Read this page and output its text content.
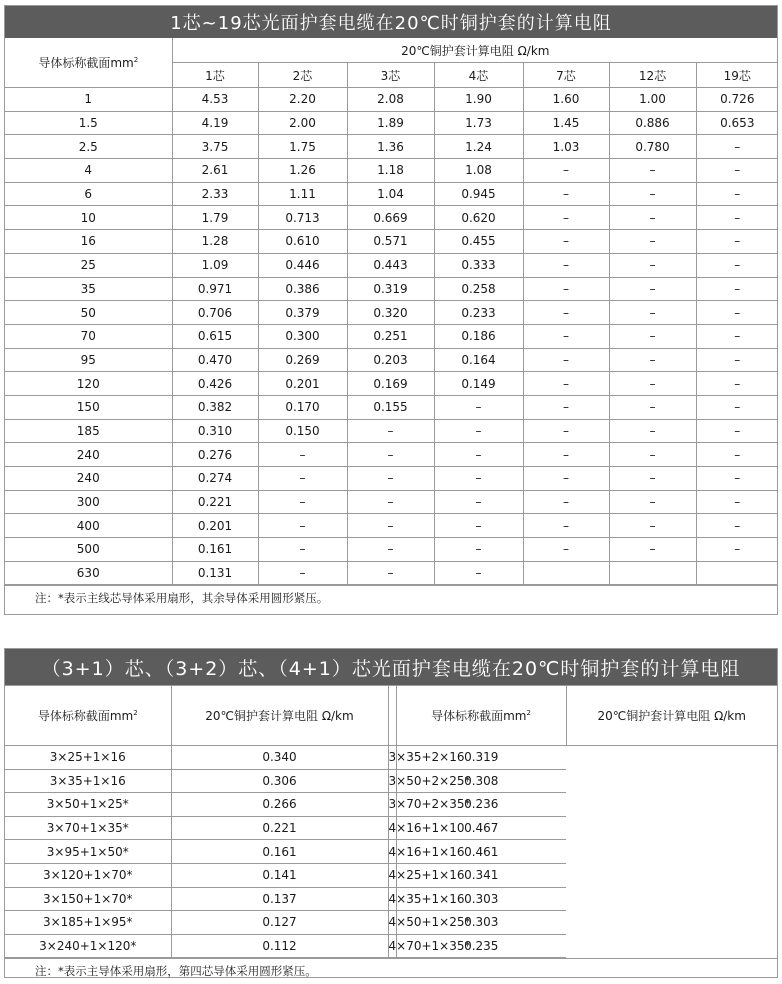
1芯~19芯光面护套电缆在20℃时铜护套的计算电阻
导体标称截面$mm^2$	20℃铜护套计算电阻 Ω/km						
	1芯	2芯	3芯	4芯	7芯	12芯	19芯
1	4.53	2.20	2.08	1.90	1.60	1.00	0.726
1.5	4.19	2.00	1.89	1.73	1.45	0.886	0.653
2.5	3.75	1.75	1.36	1.24	1.03	0.780	–
4	2.61	1.26	1.18	1.08	–	–	–
6	2.33	1.11	1.04	0.945	–	–	–
10	1.79	0.713	0.669	0.620	–	–	–
16	1.28	0.610	0.571	0.455	–	–	–
25	1.09	0.446	0.443	0.333	–	–	–
35	0.971	0.386	0.319	0.258	–	–	–
50	0.706	0.379	0.320	0.233	–	–	–
70	0.615	0.300	0.251	0.186	–	–	–
95	0.470	0.269	0.203	0.164	–	–	–
120	0.426	0.201	0.169	0.149	–	–	–
150	0.382	0.170	0.155	–	–	–	–
185	0.310	0.150	–	–	–	–	–
240	0.276	–	–	–	–	–	–
240	0.274	–	–	–	–	–	–
300	0.221	–	–	–	–	–	–
400	0.201	–	–	–	–	–	–
500	0.161	–	–	–	–	–	–
630	0.131	–	–	–			
注：*表示主线芯导体采用扇形，其余导体采用圆形紧压。
（3+1）芯、（3+2）芯、（4+1）芯光面护套电缆在20℃时铜护套的计算电阻
导体标称截面$mm^2$	20℃铜护套计算电阻 Ω/km		导体标称截面$mm^2$	20℃铜护套计算电阻 Ω/km
3×25+1×16	0.340	3×35+2×16	0.319	
3×35+1×16	0.306	3×50+2×25*	0.308	
3×50+1×25*	0.266	3×70+2×35*	0.236	
3×70+1×35*	0.221	4×16+1×10	0.467	
3×95+1×50*	0.161	4×16+1×16	0.461	
3×120+1×70*	0.141	4×25+1×16	0.341	
3×150+1×70*	0.137	4×35+1×16	0.303	
3×185+1×95*	0.127	4×50+1×25*	0.303	
3×240+1×120*	0.112	4×70+1×35*	0.235	
注：*表示主导体采用扇形，第四芯导体采用圆形紧压。
